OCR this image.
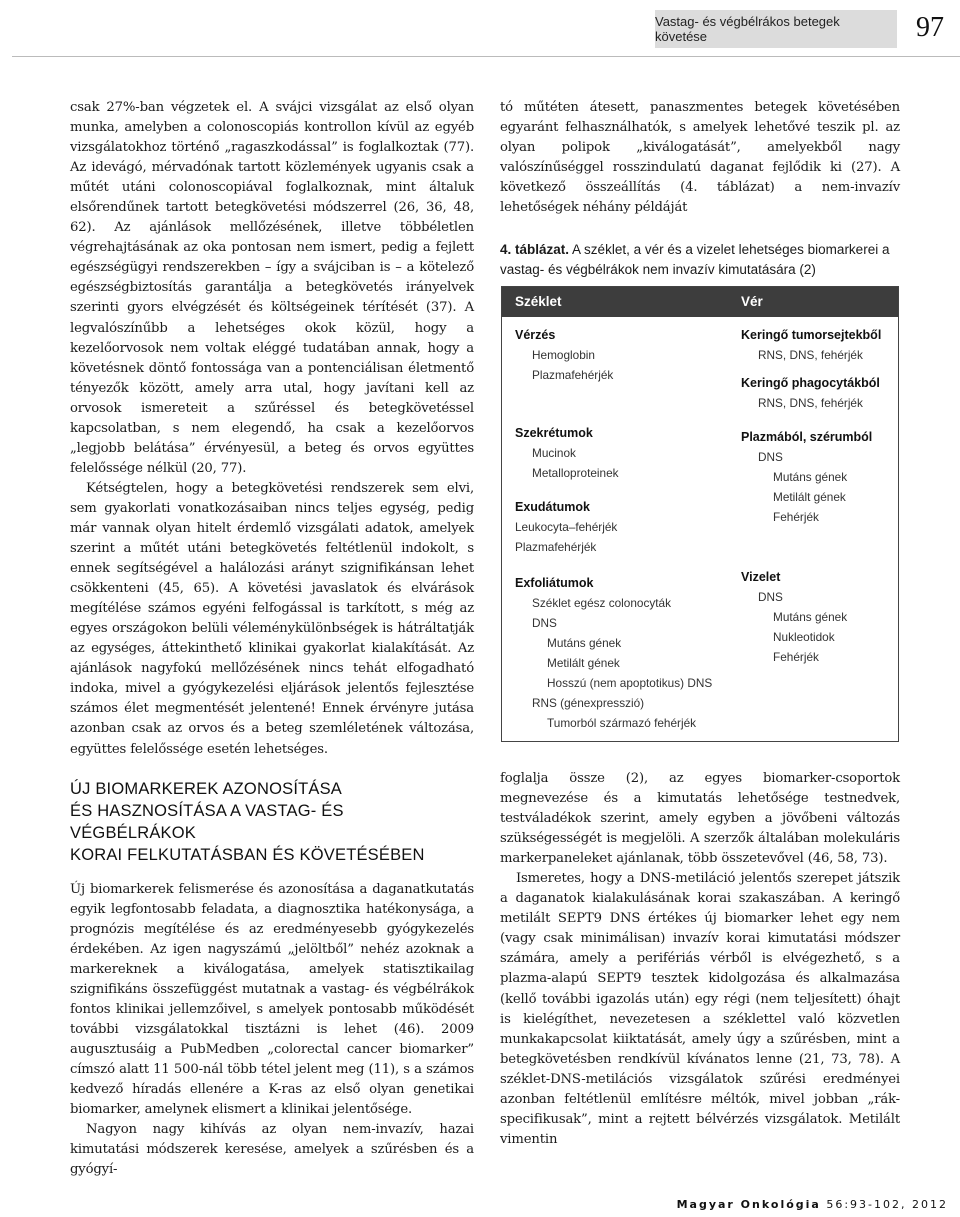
Vastag- és végbélrákos betegek követése	97

csak 27%-ban végzetek el. A svájci vizsgálat az első olyan munka, amelyben a colonoscopiás kontrollon kívül az egyéb vizsgálatokhoz történő „ragaszkodással” is foglalkoztak (77). Az idevágó, mérvadónak tartott közlemények ugyanis csak a műtét utáni colonoscopiával foglalkoznak, mint általuk elsőrendűnek tartott betegkövetési módszerrel (26, 36, 48, 62). Az ajánlások mellőzésének, illetve többéletlen végrehajtásának az oka pontosan nem ismert, pedig a fejlett egészségügyi rendszerekben – így a svájciban is – a kötelező egészségbiztosítás garantálja a betegkövetés irányelvek szerinti gyors elvégzését és költségeinek térítését (37). A legvalószínűbb a lehetséges okok közül, hogy a kezelőorvosok nem voltak eléggé tudatában annak, hogy a követésnek döntő fontossága van a pontenciálisan életmentő tényezők között, amely arra utal, hogy javítani kell az orvosok ismereteit a szűréssel és betegkövetéssel kapcsolatban, s nem elegendő, ha csak a kezelőorvos „legjobb belátása” érvényesül, a beteg és orvos együttes felelőssége nélkül (20, 77).

Kétségtelen, hogy a betegkövetési rendszerek sem elvi, sem gyakorlati vonatkozásaiban nincs teljes egység, pedig már vannak olyan hitelt érdemlő vizsgálati adatok, amelyek szerint a műtét utáni betegkövetés feltétlenül indokolt, s ennek segítségével a halálozási arányt szignifikánsan lehet csökkenteni (45, 65). A követési javaslatok és elvárások megítélése számos egyéni felfogással is tarkított, s még az egyes országokon belüli véleménykülönbségek is hátráltatják az egységes, áttekinthető klinikai gyakorlat kialakítását. Az ajánlások nagyfokú mellőzésének nincs tehát elfogadható indoka, mivel a gyógykezelési eljárások jelentős fejlesztése számos élet megmentését jelentené! Ennek érvényre jutása azonban csak az orvos és a beteg szemléletének változása, együttes felelőssége esetén lehetséges.

ÚJ BIOMARKEREK AZONOSÍTÁSA
ÉS HASZNOSÍTÁSA A VASTAG- ÉS VÉGBÉLRÁKOK
KORAI FELKUTATÁSBAN ÉS KÖVETÉSÉBEN

Új biomarkerek felismerése és azonosítása a daganatkutatás egyik legfontosabb feladata, a diagnosztika hatékonysága, a prognózis megítélése és az eredményesebb gyógykezelés érdekében. Az igen nagyszámú „jelöltből” nehéz azoknak a markereknek a kiválogatása, amelyek statisztikailag szignifikáns összefüggést mutatnak a vastag- és végbélrákok fontos klinikai jellemzőivel, s amelyek pontosabb működését további vizsgálatokkal tisztázni is lehet (46). 2009 augusztusáig a PubMedben „colorectal cancer biomarker” címszó alatt 11 500-nál több tétel jelent meg (11), s a számos kedvező híradás ellenére a K-ras az első olyan genetikai biomarker, amelynek elismert a klinikai jelentősége.

Nagyon nagy kihívás az olyan nem-invazív, hazai kimutatási módszerek keresése, amelyek a szűrésben és a gyógyí-

tó műtéten átesett, panaszmentes betegek követésében egyaránt felhasználhatók, s amelyek lehetővé teszik pl. az olyan polipok „kiválogatását”, amelyekből nagy valószínűséggel rosszindulatú daganat fejlődik ki (27). A következő összeállítás (4. táblázat) a nem-invazív lehetőségek néhány példáját

4. táblázat. A széklet, a vér és a vizelet lehetséges biomarkerei a vastag- és végbélrákok nem invazív kimutatására (2)
Széklet	Vér
Vérzés
Hemoglobin
Plazmafehérjék
Szekrétumok
Mucinok
Metalloproteinek
Exudátumok
Leukocyta–fehérjék
Plazmafehérjék
Exfoliátumok
Széklet egész colonocyták
DNS
Mutáns gének
Metilált gének
Hosszú (nem apoptotikus) DNS
RNS (génexpresszió)
Tumorból származó fehérjék
Keringő tumorsejtekből
RNS, DNS, fehérjék
Keringő phagocytákból
RNS, DNS, fehérjék
Plazmából, szérumból
DNS
Mutáns gének
Metilált gének
Fehérjék
Vizelet
DNS
Mutáns gének
Nukleotidok
Fehérjék

foglalja össze (2), az egyes biomarker-csoportok megnevezése és a kimutatás lehetősége testnedvek, testváladékok szerint, amely egyben a jövőbeni változás szükségességét is megjelöli. A szerzők általában molekuláris markerpaneleket ajánlanak, több összetevővel (46, 58, 73).

Ismeretes, hogy a DNS-metiláció jelentős szerepet játszik a daganatok kialakulásának korai szakaszában. A keringő metilált SEPT9 DNS értékes új biomarker lehet egy nem (vagy csak minimálisan) invazív korai kimutatási módszer számára, amely a perifériás vérből is elvégezhető, s a plazma-alapú SEPT9 tesztek kidolgozása és alkalmazása (kellő további igazolás után) egy régi (nem teljesített) óhajt is kielégíthet, nevezetesen a széklettel való közvetlen munkakapcsolat kiiktatását, amely úgy a szűrésben, mint a betegkövetésben rendkívül kívánatos lenne (21, 73, 78). A széklet-DNS-metilációs vizsgálatok szűrési eredményei azonban feltétlenül említésre méltók, mivel jobban „rák-specifikusak”, mint a rejtett bélvérzés vizsgálatok. Metilált vimentin

Magyar Onkológia 56:93-102, 2012
